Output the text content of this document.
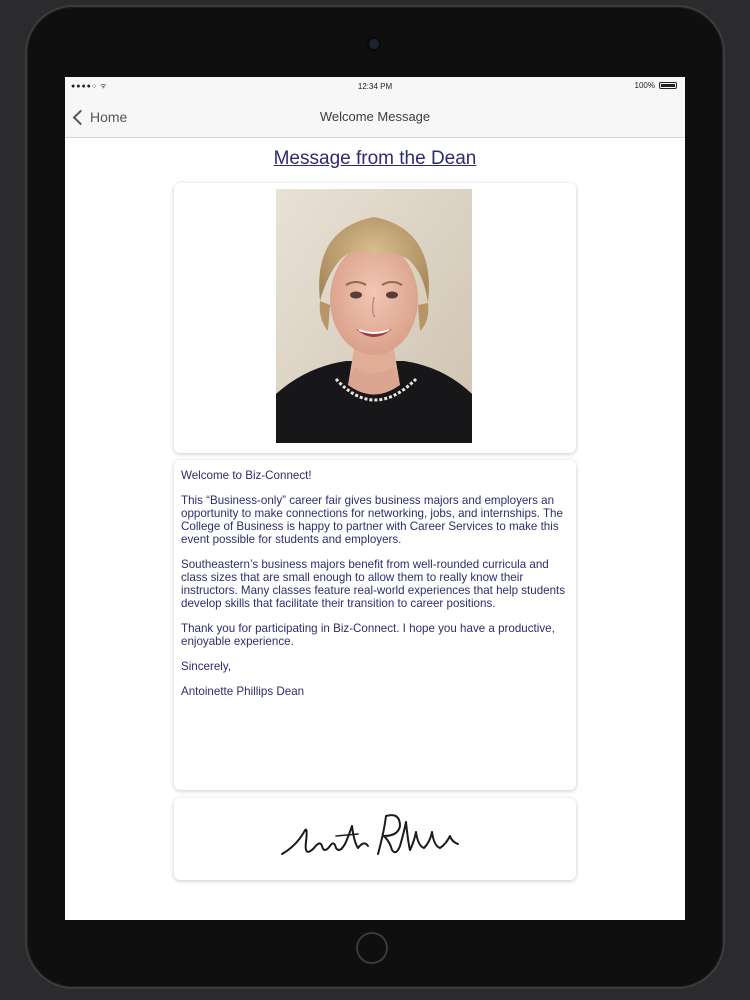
●●●●○ ᯤ	12:34 PM	100%
Home	Welcome Message
Message from the Dean

Welcome to Biz-Connect!

This “Business-only” career fair gives business majors and employers an opportunity to make connections for networking, jobs, and internships. The College of Business is happy to partner with Career Services to make this event possible for students and employers.

Southeastern’s business majors benefit from well-rounded curricula and class sizes that are small enough to allow them to really know their instructors. Many classes feature real-world experiences that help students develop skills that facilitate their transition to career positions.

Thank you for participating in Biz-Connect. I hope you have a productive, enjoyable experience.

Sincerely,

Antoinette Phillips Dean
